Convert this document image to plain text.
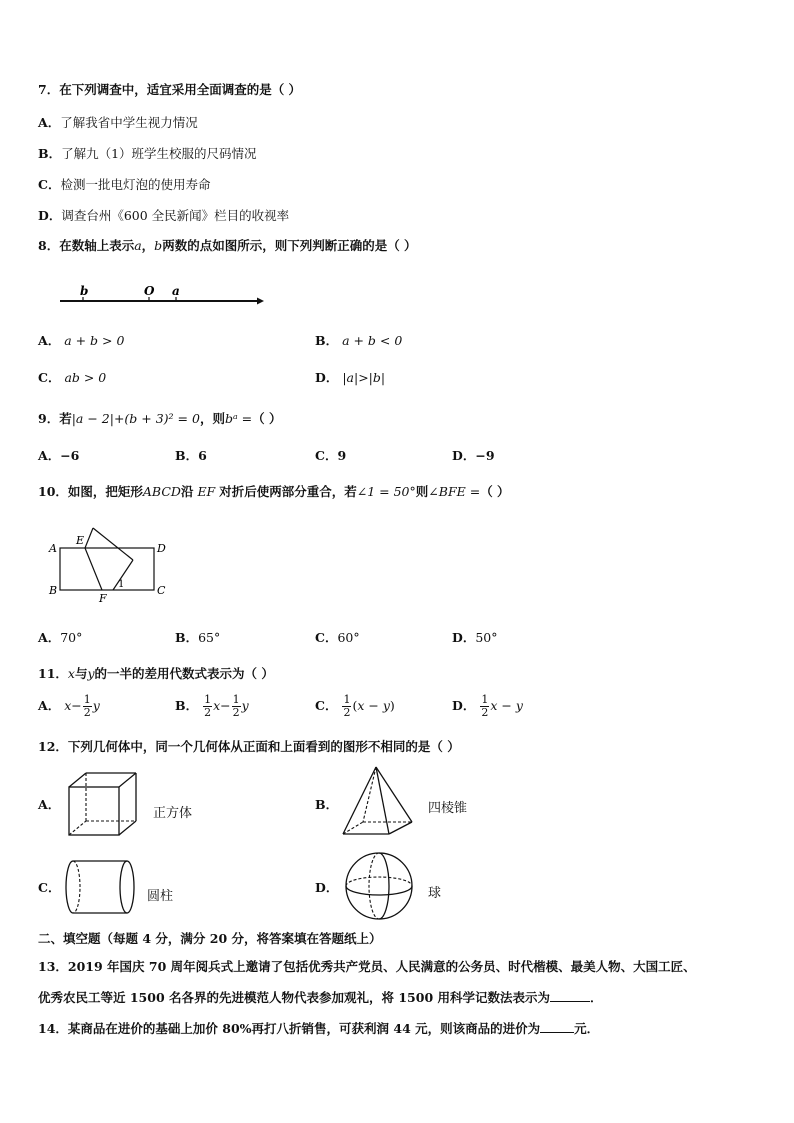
7．在下列调查中，适宜采用全面调查的是（ ）
A．了解我省中学生视力情况
B．了解九（1）班学生校服的尺码情况
C．检测一批电灯泡的使用寿命
D．调查台州《600 全民新闻》栏目的收视率
8．在数轴上表示a，b两数的点如图所示，则下列判断正确的是（ ）
b	O a
A． a + b > 0	B． a + b < 0
C． ab > 0	D． |a|>|b|
9．若|a − 2|+(b + 3)² = 0，则bᵃ =（ ）
A．−6	B．6	C．9	D．−9
10．如图，把矩形ABCD沿 EF 对折后使两部分重合，若∠1 = 50°则∠BFE =（ ）
A
E
D
B	C
F
1
A．70°	B．65°	C．60°	D．50°
11．x与y的一半的差用代数式表示为（ ）
A． $x- \frac{1}{2}$ y	B． $\frac{1}{2} x- \frac{1}{2}$ y	C． $\frac{1}{2} (x - y)$	D． $\frac{1}{2}$ x − y
12．下列几何体中，同一个几何体从正面和上面看到的图形不相同的是（ ）
A．
正方体
B．	四棱锥
C．
圆柱
D．	球
二、填空题（每题 4 分，满分 20 分，将答案填在答题纸上）
13．2019 年国庆 70 周年阅兵式上邀请了包括优秀共产党员、人民满意的公务员、时代楷模、最美人物、大国工匠、
优秀农民工等近 1500 名各界的先进模范人物代表参加观礼，将 1500 用科学记数法表示为	．
14．某商品在进价的基础上加价 80%再打八折销售，可获利润 44 元，则该商品的进价为	元．
